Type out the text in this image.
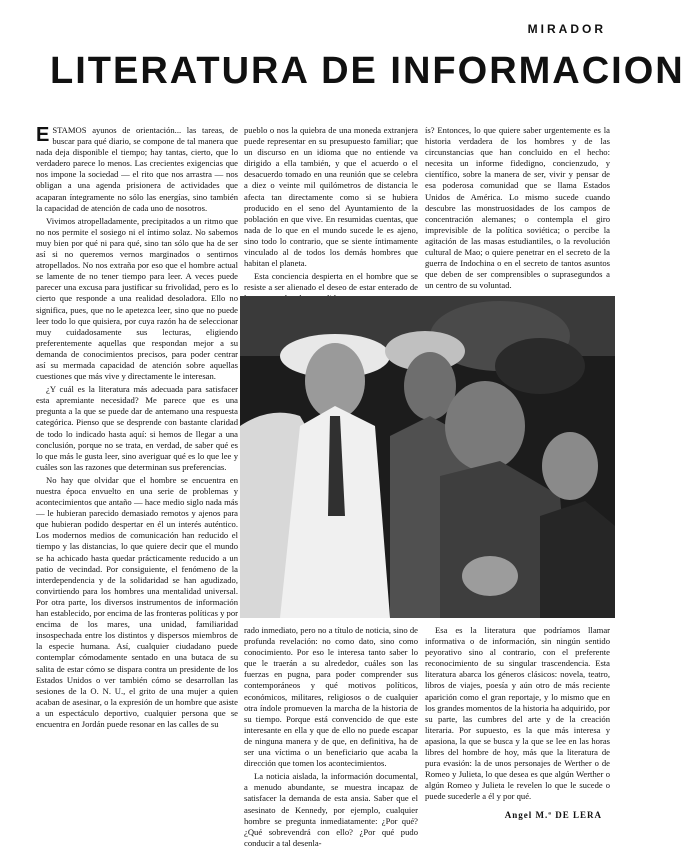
MIRADOR
LITERATURA DE INFORMACION

ESTAMOS ayunos de orientación... las tareas, de buscar para qué diario, se compone de tal manera que nada deja disponible el tiempo; hay tantas, cierto, que lo verdadero parece lo menos. Las crecientes exigencias que nos impone la sociedad — el rito que nos arrastra — nos obligan a una agenda prisionera de actividades que acaparan íntegramente no sólo las energías, sino también la capacidad de atención de cada uno de nosotros.

Vivimos atropelladamente, precipitados a un ritmo que no nos permite el sosiego ni el íntimo solaz. No sabemos muy bien por qué ni para qué, sino tan sólo que ha de ser así si no queremos vernos marginados o sentirnos atropellados. No nos extraña por eso que el hombre actual se lamente de no tener tiempo para leer. A veces puede parecer una excusa para justificar su frivolidad, pero es lo cierto que responde a una realidad desoladora. Ello no significa, pues, que no le apetezca leer, sino que no puede leer todo lo que quisiera, por cuya razón ha de seleccionar muy cuidadosamente sus lecturas, eligiendo preferentemente aquellas que respondan mejor a su demanda de conocimientos precisos, para poder centrar así su mermada capacidad de atención sobre aquellas cuestiones que más vive y directamente le interesan.

¿Y cuál es la literatura más adecuada para satisfacer esta apremiante necesidad? Me parece que es una pregunta a la que se puede dar de antemano una respuesta categórica. Pienso que se desprende con bastante claridad de todo lo indicado hasta aquí: si hemos de llegar a una conclusión, porque no se trata, en verdad, de saber qué es lo que más le gusta leer, sino averiguar qué es lo que lee y cuáles son las razones que determinan sus preferencias.

No hay que olvidar que el hombre se encuentra en nuestra época envuelto en una serie de problemas y acontecimientos que antaño — hace medio siglo nada más — le hubieran parecido demasiado remotos y ajenos para que hubieran podido despertar en él un interés auténtico. Los modernos medios de comunicación han reducido el tiempo y las distancias, lo que quiere decir que el mundo se ha achicado hasta quedar prácticamente reducido a un patio de vecindad. Por consiguiente, el fenómeno de la interdependencia y de la solidaridad se han agudizado, convirtiendo para los hombres una mentalidad universal. Por otra parte, los diversos instrumentos de información han establecido, por encima de las fronteras políticas y por encima de los mares, una unidad, familiaridad insospechada entre los distintos y dispersos miembros de la especie humana. Así, cualquier ciudadano puede contemplar cómodamente sentado en una butaca de su salita de estar cómo se dispara contra un presidente de los Estados Unidos o ver también cómo se desarrollan las sesiones de la O. N. U., el grito de una mujer a quien acaban de asesinar, o la expresión de un hombre que asiste a un espectáculo deportivo, cualquier persona que se encuentra en Jordán puede resonar en las calles de su

pueblo o nos la quiebra de una moneda extranjera puede representar en su presupuesto familiar; que un discurso en un idioma que no entiende va dirigido a ella también, y que el acuerdo o el desacuerdo tomado en una reunión que se celebra a diez o veinte mil quilómetros de distancia le afecta tan directamente como si se hubiera producido en el seno del Ayuntamiento de la población en que vive. En resumidas cuentas, que nada de lo que en el mundo sucede le es ajeno, sino todo lo contrario, que se siente íntimamente vinculado al de todos los demás hombres que habitan el planeta.

Esta conciencia despierta en el hombre que se resiste a ser alienado el deseo de estar enterado de

ís? Entonces, lo que quiere saber urgentemente es la historia verdadera de los hombres y de las circunstancias que han concluido en el hecho: necesita un informe fidedigno, concienzudo, y científico, sobre la manera de ser, vivir y pensar de esa poderosa comunidad que se llama Estados Unidos de América. Lo mismo sucede cuando descubre las monstruosidades de los campos de concentración alemanes; o contempla el giro imprevisible de la política soviética; o percibe la agitación de las masas estudiantiles, o la revolución cultural de Mao; o quiere penetrar en el secreto de la guerra de Indochina o en el secreto de tantos asuntos que deben de ser comprensibles o suprasegundos a un centro de su voluntad.

rado inmediato, pero no a título de noticia, sino de profunda revelación: no como dato, sino como conocimiento. Por eso le interesa tanto saber lo que le traerán a su alrededor, cuáles son las fuerzas en pugna, para poder comprender sus contemporáneos y qué motivos políticos, económicos, militares, religiosos o de cualquier otra índole promueven la marcha de la historia de su tiempo. Porque está convencido de que este interesante en ella y que de ello no puede escapar de ninguna manera y de que, en definitiva, ha de ser una víctima o un beneficiario que acaba la dirección que tomen los acontecimientos.

La noticia aislada, la información documental, a menudo abundante, se muestra incapaz de satisfacer la demanda de esta ansia. Saber que el asesinato de Kennedy, por ejemplo, cualquier hombre se pregunta inmediatamente: ¿Por qué? ¿Qué sobrevendrá con ello? ¿Por qué pudo conducir a tal desenla-

Esa es la literatura que podríamos llamar informativa o de información, sin ningún sentido peyorativo sino al contrario, con el preferente reconocimiento de su singular trascendencia. Esta literatura abarca los géneros clásicos: novela, teatro, libros de viajes, poesía y aún otro de más reciente aparición como el gran reportaje, y lo mismo que en los grandes momentos de la historia ha adquirido, por su parte, las cumbres del arte y de la creación literaria. Por supuesto, es la que más interesa y apasiona, la que se busca y la que se lee en las horas libres del hombre de hoy, más que la literatura de pura evasión: la de unos personajes de Werther o de Romeo y Julieta, lo que desea es que algún Werther o algún Romeo y Julieta le revelen lo que le sucede o puede sucederle a él y por qué.

Angel M.ª DE LERA
